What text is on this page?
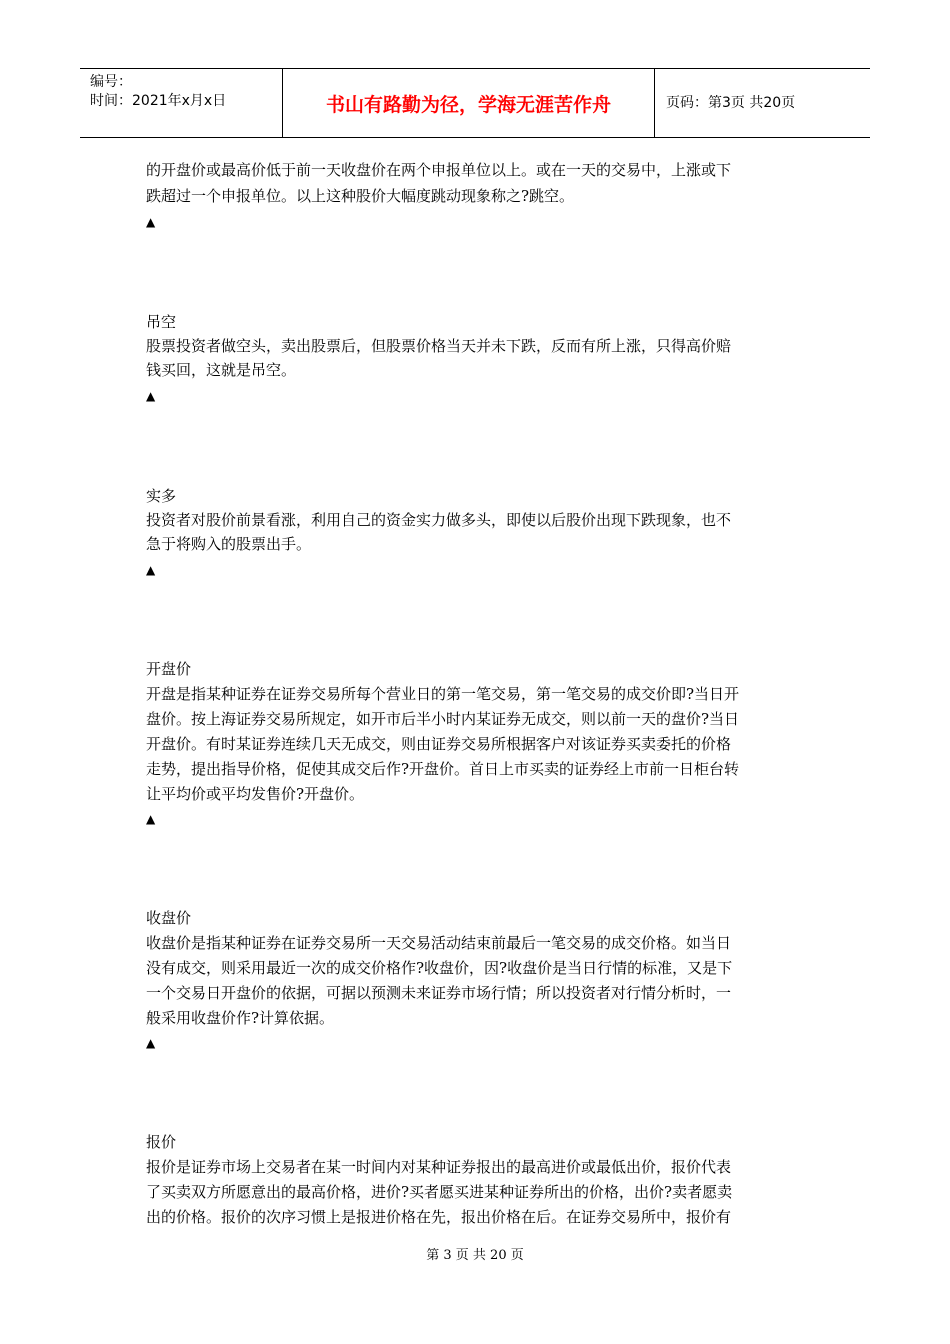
编号：
时间：2021年x月x日	书山有路勤为径，学海无涯苦作舟	页码：第3页 共20页
的开盘价或最高价低于前一天收盘价在两个申报单位以上。或在一天的交易中，上涨或下
跌超过一个申报单位。以上这种股价大幅度跳动现象称之?跳空。
▲
吊空
股票投资者做空头，卖出股票后，但股票价格当天并未下跌，反而有所上涨，只得高价赔
钱买回，这就是吊空。
▲
实多
投资者对股价前景看涨，利用自己的资金实力做多头，即使以后股价出现下跌现象，也不
急于将购入的股票出手。
▲
开盘价
开盘是指某种证券在证券交易所每个营业日的第一笔交易，第一笔交易的成交价即?当日开
盘价。按上海证券交易所规定，如开市后半小时内某证券无成交，则以前一天的盘价?当日
开盘价。有时某证券连续几天无成交，则由证券交易所根据客户对该证券买卖委托的价格
走势，提出指导价格，促使其成交后作?开盘价。首日上市买卖的证券经上市前一日柜台转
让平均价或平均发售价?开盘价。
▲
收盘价
收盘价是指某种证券在证券交易所一天交易活动结束前最后一笔交易的成交价格。如当日
没有成交，则采用最近一次的成交价格作?收盘价，因?收盘价是当日行情的标准，又是下
一个交易日开盘价的依据，可据以预测未来证券市场行情；所以投资者对行情分析时，一
般采用收盘价作?计算依据。
▲
报价
报价是证券市场上交易者在某一时间内对某种证券报出的最高进价或最低出价，报价代表
了买卖双方所愿意出的最高价格，进价?买者愿买进某种证券所出的价格，出价?卖者愿卖
出的价格。报价的次序习惯上是报进价格在先，报出价格在后。在证券交易所中，报价有
第 3 页 共 20 页
